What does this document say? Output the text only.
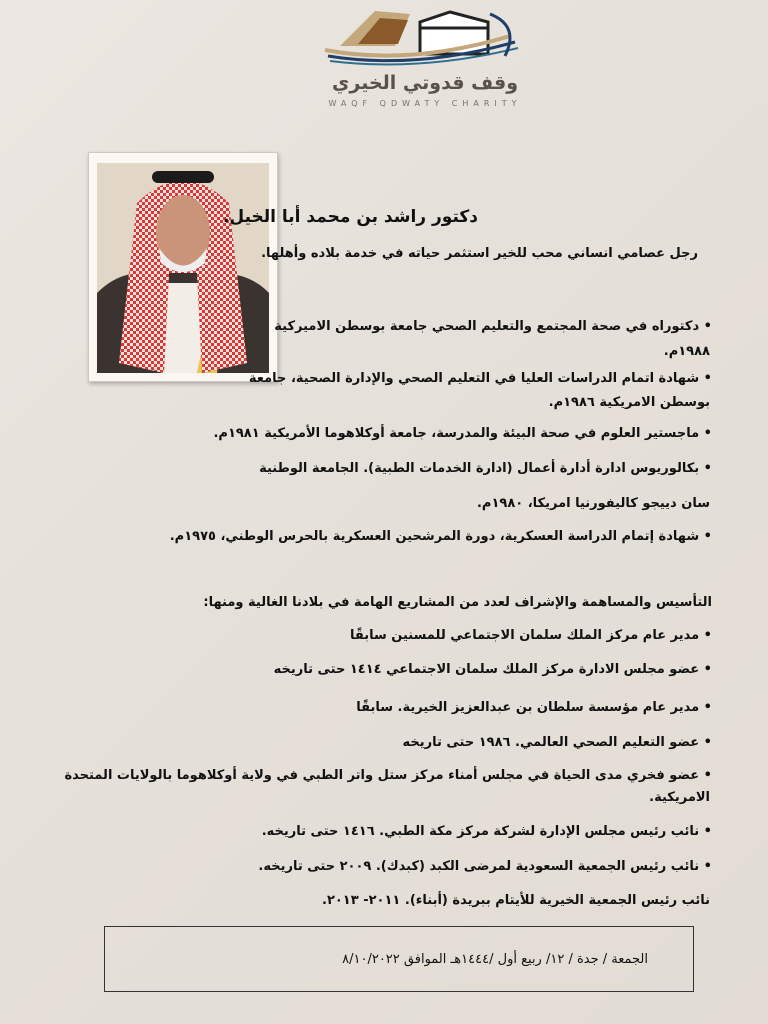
وقف قدوتي الخيري
WAQF QDWATY CHARITY
دكتور راشد بن محمد أبا الخيل.
رجل عصامي انساني محب للخير استثمر حياته في خدمة بلاده وأهلها.
• دكتوراه في صحة المجتمع والتعليم الصحي جامعة بوسطن الاميركية
١٩٨٨م.
• شهادة اتمام الدراسات العليا في التعليم الصحي والإدارة الصحية، جامعة
بوسطن الامريكية ١٩٨٦م.
• ماجستير العلوم في صحة البيئة والمدرسة، جامعة أوكلاهوما الأمريكية ١٩٨١م.
• بكالوريوس ادارة أدارة أعمال (ادارة الخدمات الطبية). الجامعة الوطنية
سان دييجو كاليفورنيا امريكا، ١٩٨٠م.
• شهادة إتمام الدراسة العسكرية، دورة المرشحين العسكرية بالحرس الوطني، ١٩٧٥م.
التأسيس والمساهمة والإشراف لعدد من المشاريع الهامة في بلادنا الغالية ومنها:
• مدير عام مركز الملك سلمان الاجتماعي للمسنين سابقًا
• عضو مجلس الادارة مركز الملك سلمان الاجتماعي ١٤١٤ حتى تاريخه
• مدير عام مؤسسة سلطان بن عبدالعزيز الخيرية. سابقًا
• عضو التعليم الصحي العالمي. ١٩٨٦ حتى تاريخه
• عضو فخري مدى الحياة في مجلس أمناء مركز ستل واتر الطبي في ولاية أوكلاهوما بالولايات المتحدة
الامريكية.
• نائب رئيس مجلس الإدارة لشركة مركز مكة الطبي. ١٤١٦ حتى تاريخه.
• نائب رئيس الجمعية السعودية لمرضى الكبد (كبدك). ٢٠٠٩ حتى تاريخه.
نائب رئيس الجمعية الخيرية للأيتام ببريدة (أبناء). ٢٠١١- ٢٠١٣.
الجمعة / جدة / ١٢/ ربيع أول /١٤٤٤هـ الموافق ٨/١٠/٢٠٢٢
